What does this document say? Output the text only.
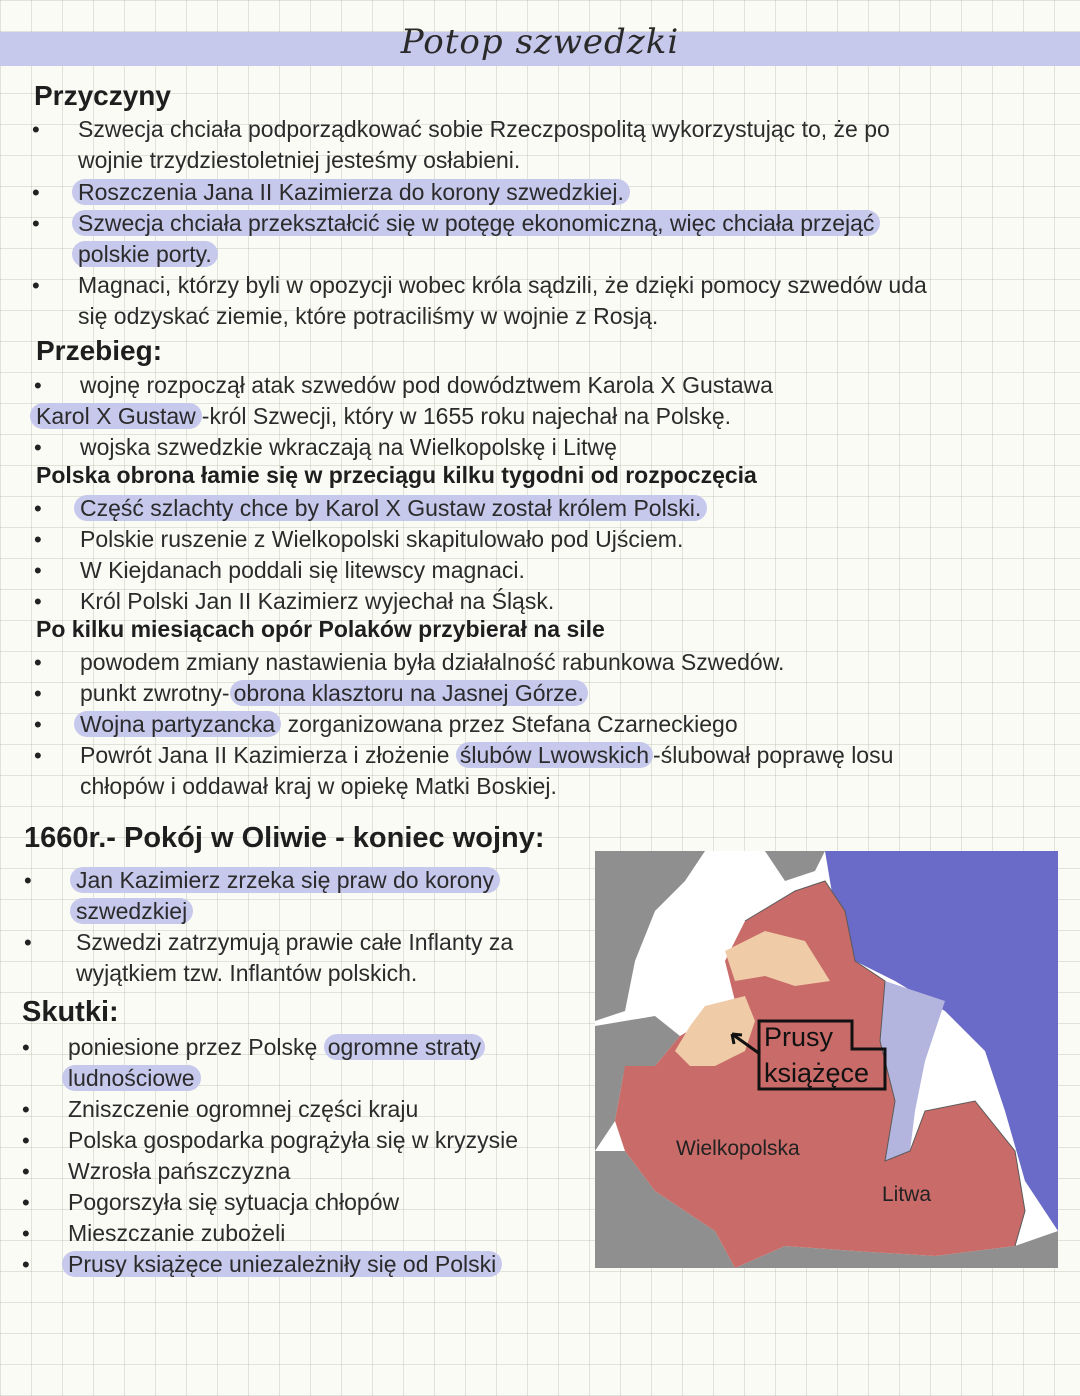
Potop szwedzki
Przyczyny
• Szwecja chciała podporządkować sobie Rzeczpospolitą wykorzystując to, że po
wojnie trzydziestoletniej jesteśmy osłabieni.
• Roszczenia Jana II Kazimierza do korony szwedzkiej.
• Szwecja chciała przekształcić się w potęgę ekonomiczną, więc chciała przejąć
polskie porty.
• Magnaci, którzy byli w opozycji wobec króla sądzili, że dzięki pomocy szwedów uda
się odzyskać ziemie, które potraciliśmy w wojnie z Rosją.
Przebieg:
• wojnę rozpoczął atak szwedów pod dowództwem Karola X Gustawa
Karol X Gustaw -król Szwecji, który w 1655 roku najechał na Polskę.
• wojska szwedzkie wkraczają na Wielkopolskę i Litwę
Polska obrona łamie się w przeciągu kilku tygodni od rozpoczęcia
• Część szlachty chce by Karol X Gustaw został królem Polski.
• Polskie ruszenie z Wielkopolski skapitulowało pod Ujściem.
• W Kiejdanach poddali się litewscy magnaci.
• Król Polski Jan II Kazimierz wyjechał na Śląsk.
Po kilku miesiącach opór Polaków przybierał na sile
• powodem zmiany nastawienia była działalność rabunkowa Szwedów.
• punkt zwrotny- obrona klasztoru na Jasnej Górze.
• Wojna partyzancka zorganizowana przez Stefana Czarneckiego
• Powrót Jana II Kazimierza i złożenie ślubów Lwowskich -ślubował poprawę losu
chłopów i oddawał kraj w opiekę Matki Boskiej.
1660r.- Pokój w Oliwie - koniec wojny:
• Jan Kazimierz zrzeka się praw do korony
szwedzkiej
• Szwedzi zatrzymują prawie całe Inflanty za
wyjątkiem tzw. Inflantów polskich.
Skutki:
• poniesione przez Polskę ogromne straty
ludnościowe
• Zniszczenie ogromnej części kraju
• Polska gospodarka pogrążyła się w kryzysie
• Wzrosła pańszczyzna
• Pogorszyła się sytuacja chłopów
• Mieszczanie zubożeli
• Prusy książęce uniezależniły się od Polski
Wielkopolska
Litwa
Prusy
książęce
